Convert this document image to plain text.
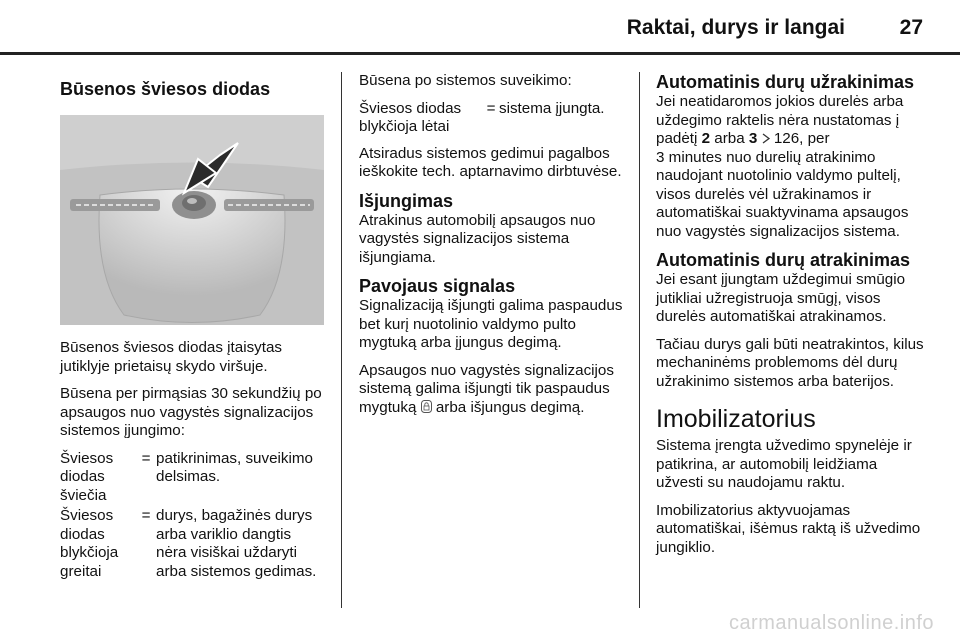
Raktai, durys ir langai	27
Būsenos šviesos diodas

Būsenos šviesos diodas įtaisytas jutiklyje prietaisų skydo viršuje.

Būsena per pirmąsias 30 sekundžių po apsaugos nuo vagystės signalizacijos sistemos įjungimo:

Šviesos diodas šviečia
= patikrinimas, suveikimo delsimas.
Šviesos diodas blykčioja greitai
= durys, bagažinės durys arba variklio dangtis nėra visiškai uždaryti arba sistemos gedimas.

Būsena po sistemos suveikimo:

Šviesos diodas blykčioja lėtai
= sistema įjungta.

Atsiradus sistemos gedimui pagalbos ieškokite tech. aptarnavimo dirbtuvėse.

Išjungimas

Atrakinus automobilį apsaugos nuo vagystės signalizacijos sistema išjungiama.

Pavojaus signalas

Signalizaciją išjungti galima paspaudus bet kurį nuotolinio valdymo pulto mygtuką arba įjungus degimą.

Apsaugos nuo vagystės signalizacijos sistemą galima išjungti tik paspaudus mygtuką  arba išjungus degimą.

Automatinis durų užrakinimas

Jei neatidaromos jokios durelės arba uždegimo raktelis nėra nustatomas į padėtį 2 arba 3  126, per
3 minutes nuo durelių atrakinimo naudojant nuotolinio valdymo pultelį, visos durelės vėl užrakinamos ir automatiškai suaktyvinama apsaugos nuo vagystės signalizacijos sistema.

Automatinis durų atrakinimas

Jei esant įjungtam uždegimui smūgio jutikliai užregistruoja smūgį, visos durelės automatiškai atrakinamos.

Tačiau durys gali būti neatrakintos, kilus mechaninėms problemoms dėl durų užrakinimo sistemos arba baterijos.

Imobilizatorius

Sistema įrengta užvedimo spynelėje ir patikrina, ar automobilį leidžiama užvesti su naudojamu raktu.

Imobilizatorius aktyvuojamas automatiškai, išėmus raktą iš užvedimo jungiklio.

carmanualsonline.info
